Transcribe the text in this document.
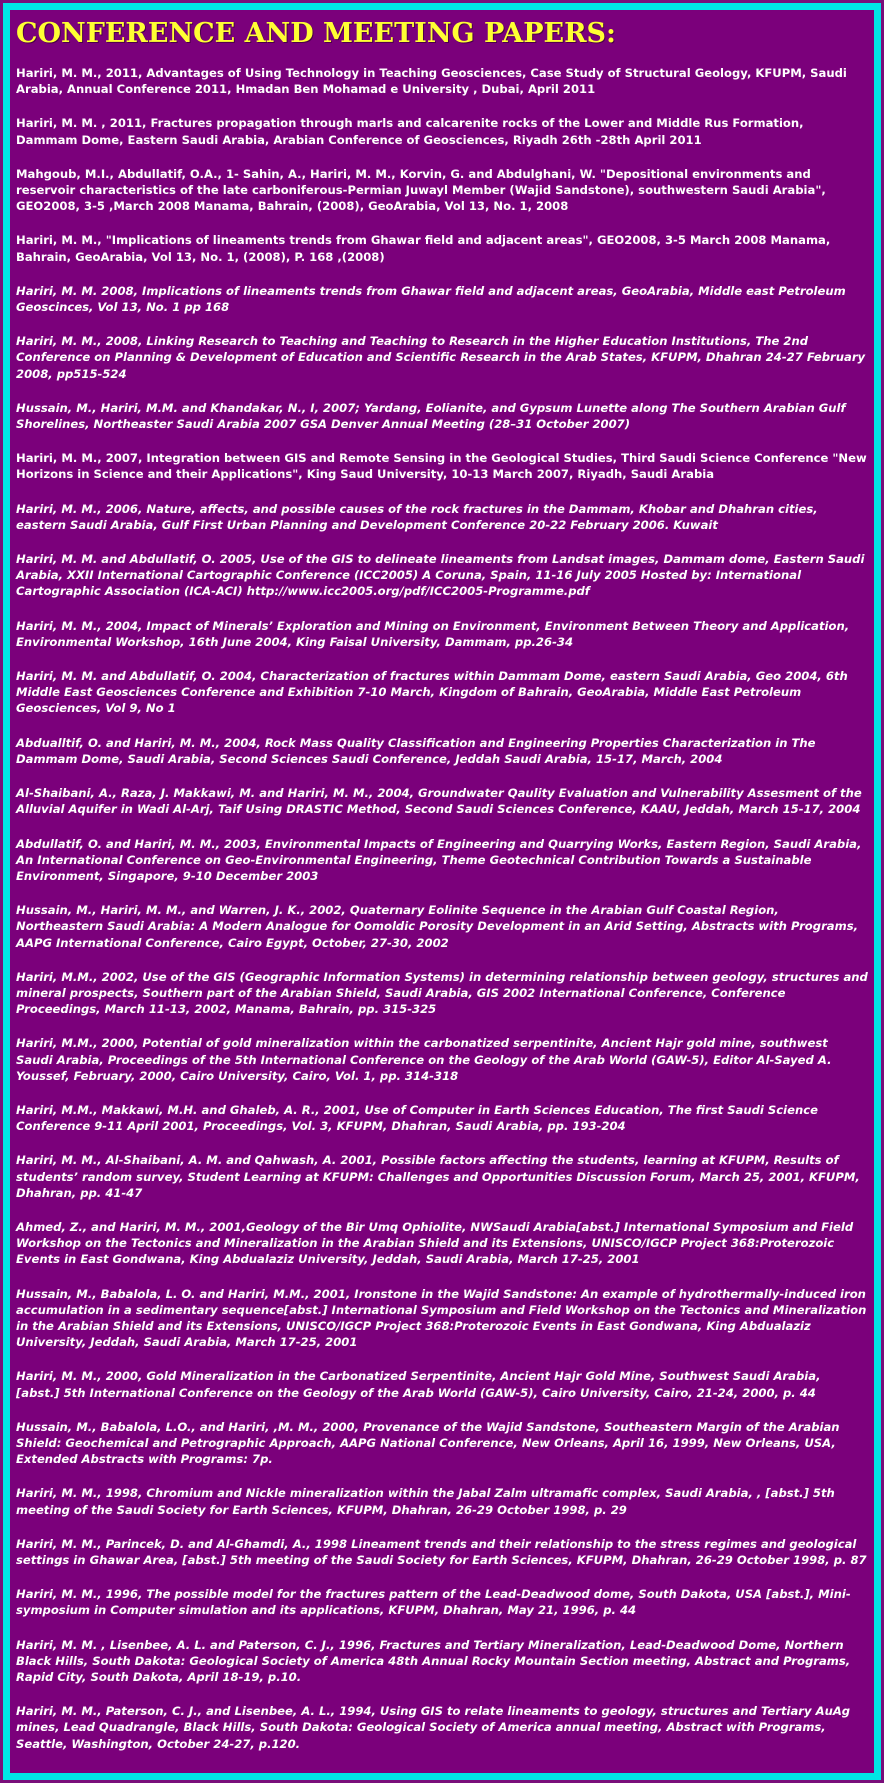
CONFERENCE AND MEETING PAPERS:

Hariri, M. M., 2011, Advantages of Using Technology in Teaching Geosciences, Case Study of Structural Geology, KFUPM, Saudi Arabia, Annual Conference 2011, Hmadan Ben Mohamad e University , Dubai, April 2011

Hariri, M. M. , 2011, Fractures propagation through marls and calcarenite rocks of the Lower and Middle Rus Formation, Dammam Dome, Eastern Saudi Arabia, Arabian Conference of Geosciences, Riyadh 26th -28th April 2011

Mahgoub, M.I., Abdullatif, O.A., 1- Sahin, A., Hariri, M. M., Korvin, G. and Abdulghani, W. "Depositional environments and reservoir characteristics of the late carboniferous-Permian Juwayl Member (Wajid Sandstone), southwestern Saudi Arabia", GEO2008, 3-5 ,March 2008 Manama, Bahrain, (2008), GeoArabia, Vol 13, No. 1, 2008

Hariri, M. M., "Implications of lineaments trends from Ghawar field and adjacent areas", GEO2008, 3-5 March 2008 Manama, Bahrain, GeoArabia, Vol 13, No. 1, (2008), P. 168 ,(2008)

Hariri, M. M. 2008, Implications of lineaments trends from Ghawar field and adjacent areas, GeoArabia, Middle east Petroleum Geoscinces, Vol 13, No. 1 pp 168

Hariri, M. M., 2008, Linking Research to Teaching and Teaching to Research in the Higher Education Institutions, The 2nd Conference on Planning & Development of Education and Scientific Research in the Arab States, KFUPM, Dhahran 24-27 February 2008, pp515-524

Hussain, M., Hariri, M.M. and Khandakar, N., I, 2007; Yardang, Eolianite, and Gypsum Lunette along The Southern Arabian Gulf Shorelines, Northeaster Saudi Arabia 2007 GSA Denver Annual Meeting (28–31 October 2007)

Hariri, M. M., 2007, Integration between GIS and Remote Sensing in the Geological Studies, Third Saudi Science Conference "New Horizons in Science and their Applications", King Saud University, 10-13 March 2007, Riyadh, Saudi Arabia

Hariri, M. M., 2006, Nature, affects, and possible causes of the rock fractures in the Dammam, Khobar and Dhahran cities, eastern Saudi Arabia, Gulf First Urban Planning and Development Conference 20-22 February 2006. Kuwait

Hariri, M. M. and Abdullatif, O. 2005, Use of the GIS to delineate lineaments from Landsat images, Dammam dome, Eastern Saudi Arabia, XXII International Cartographic Conference (ICC2005) A Coruna, Spain, 11-16 July 2005 Hosted by: International Cartographic Association (ICA-ACI) http://www.icc2005.org/pdf/ICC2005-Programme.pdf

Hariri, M. M., 2004, Impact of Minerals’ Exploration and Mining on Environment, Environment Between Theory and Application, Environmental Workshop, 16th June 2004, King Faisal University, Dammam, pp.26-34

Hariri, M. M. and Abdullatif, O. 2004, Characterization of fractures within Dammam Dome, eastern Saudi Arabia, Geo 2004, 6th Middle East Geosciences Conference and Exhibition 7-10 March, Kingdom of Bahrain, GeoArabia, Middle East Petroleum Geosciences, Vol 9, No 1

Abdualltif, O. and Hariri, M. M., 2004, Rock Mass Quality Classification and Engineering Properties Characterization in The Dammam Dome, Saudi Arabia, Second Sciences Saudi Conference, Jeddah Saudi Arabia, 15-17, March, 2004

Al-Shaibani, A., Raza, J. Makkawi, M. and Hariri, M. M., 2004, Groundwater Qaulity Evaluation and Vulnerability Assesment of the Alluvial Aquifer in Wadi Al-Arj, Taif Using DRASTIC Method, Second Saudi Sciences Conference, KAAU, Jeddah, March 15-17, 2004

Abdullatif, O. and Hariri, M. M., 2003, Environmental Impacts of Engineering and Quarrying Works, Eastern Region, Saudi Arabia, An International Conference on Geo-Environmental Engineering, Theme Geotechnical Contribution Towards a Sustainable Environment, Singapore, 9-10 December 2003

Hussain, M., Hariri, M. M., and Warren, J. K., 2002, Quaternary Eolinite Sequence in the Arabian Gulf Coastal Region, Northeastern Saudi Arabia: A Modern Analogue for Oomoldic Porosity Development in an Arid Setting, Abstracts with Programs, AAPG International Conference, Cairo Egypt, October, 27-30, 2002

Hariri, M.M., 2002, Use of the GIS (Geographic Information Systems) in determining relationship between geology, structures and mineral prospects, Southern part of the Arabian Shield, Saudi Arabia, GIS 2002 International Conference, Conference Proceedings, March 11-13, 2002, Manama, Bahrain, pp. 315-325

Hariri, M.M., 2000, Potential of gold mineralization within the carbonatized serpentinite, Ancient Hajr gold mine, southwest Saudi Arabia, Proceedings of the 5th International Conference on the Geology of the Arab World (GAW-5), Editor Al-Sayed A. Youssef, February, 2000, Cairo University, Cairo, Vol. 1, pp. 314-318

Hariri, M.M., Makkawi, M.H. and Ghaleb, A. R., 2001, Use of Computer in Earth Sciences Education, The first Saudi Science Conference 9-11 April 2001, Proceedings, Vol. 3, KFUPM, Dhahran, Saudi Arabia, pp. 193-204

Hariri, M. M., Al-Shaibani, A. M. and Qahwash, A. 2001, Possible factors affecting the students, learning at KFUPM, Results of students’ random survey, Student Learning at KFUPM: Challenges and Opportunities Discussion Forum, March 25, 2001, KFUPM, Dhahran, pp. 41-47

Ahmed, Z., and Hariri, M. M., 2001,Geology of the Bir Umq Ophiolite, NWSaudi Arabia[abst.] International Symposium and Field Workshop on the Tectonics and Mineralization in the Arabian Shield and its Extensions, UNISCO/IGCP Project 368:Proterozoic Events in East Gondwana, King Abdualaziz University, Jeddah, Saudi Arabia, March 17-25, 2001

Hussain, M., Babalola, L. O. and Hariri, M.M., 2001, Ironstone in the Wajid Sandstone: An example of hydrothermally-induced iron accumulation in a sedimentary sequence[abst.] International Symposium and Field Workshop on the Tectonics and Mineralization in the Arabian Shield and its Extensions, UNISCO/IGCP Project 368:Proterozoic Events in East Gondwana, King Abdualaziz University, Jeddah, Saudi Arabia, March 17-25, 2001

Hariri, M. M., 2000, Gold Mineralization in the Carbonatized Serpentinite, Ancient Hajr Gold Mine, Southwest Saudi Arabia, [abst.] 5th International Conference on the Geology of the Arab World (GAW-5), Cairo University, Cairo, 21-24, 2000, p. 44

Hussain, M., Babalola, L.O., and Hariri, ,M. M., 2000, Provenance of the Wajid Sandstone, Southeastern Margin of the Arabian Shield: Geochemical and Petrographic Approach, AAPG National Conference, New Orleans, April 16, 1999, New Orleans, USA, Extended Abstracts with Programs: 7p.

Hariri, M. M., 1998, Chromium and Nickle mineralization within the Jabal Zalm ultramafic complex, Saudi Arabia, , [abst.] 5th meeting of the Saudi Society for Earth Sciences, KFUPM, Dhahran, 26-29 October 1998, p. 29

Hariri, M. M., Parincek, D. and Al-Ghamdi, A., 1998 Lineament trends and their relationship to the stress regimes and geological settings in Ghawar Area, [abst.] 5th meeting of the Saudi Society for Earth Sciences, KFUPM, Dhahran, 26-29 October 1998, p. 87

Hariri, M. M., 1996, The possible model for the fractures pattern of the Lead-Deadwood dome, South Dakota, USA [abst.], Mini-symposium in Computer simulation and its applications, KFUPM, Dhahran, May 21, 1996, p. 44

Hariri, M. M. , Lisenbee, A. L. and Paterson, C. J., 1996, Fractures and Tertiary Mineralization, Lead-Deadwood Dome, Northern Black Hills, South Dakota: Geological Society of America 48th Annual Rocky Mountain Section meeting, Abstract and Programs, Rapid City, South Dakota, April 18-19, p.10.

Hariri, M. M., Paterson, C. J., and Lisenbee, A. L., 1994, Using GIS to relate lineaments to geology, structures and Tertiary AuAg mines, Lead Quadrangle, Black Hills, South Dakota: Geological Society of America annual meeting, Abstract with Programs, Seattle, Washington, October 24-27, p.120.
